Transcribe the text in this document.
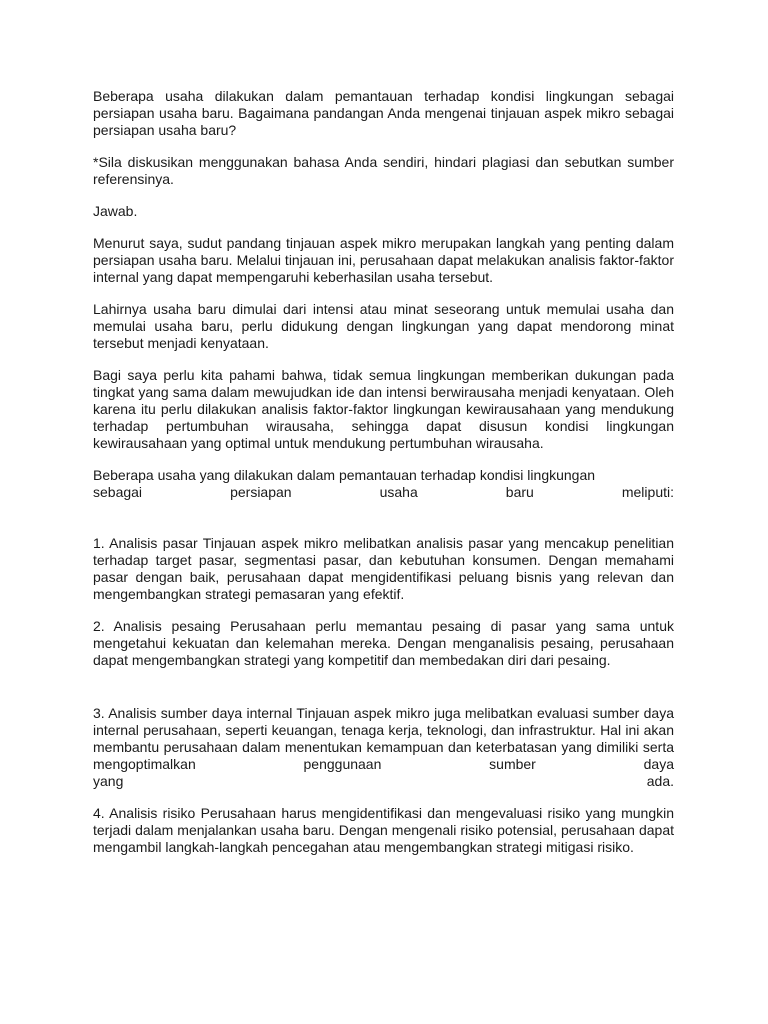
Beberapa usaha dilakukan dalam pemantauan terhadap kondisi lingkungan sebagai persiapan usaha baru. Bagaimana pandangan Anda mengenai tinjauan aspek mikro sebagai persiapan usaha baru?

*Sila diskusikan menggunakan bahasa Anda sendiri, hindari plagiasi dan sebutkan sumber referensinya.

Jawab.

Menurut saya, sudut pandang tinjauan aspek mikro merupakan langkah yang penting dalam persiapan usaha baru. Melalui tinjauan ini, perusahaan dapat melakukan analisis faktor-faktor internal yang dapat mempengaruhi keberhasilan usaha tersebut.

Lahirnya usaha baru dimulai dari intensi atau minat seseorang untuk memulai usaha dan memulai usaha baru, perlu didukung dengan lingkungan yang dapat mendorong minat tersebut menjadi kenyataan.

Bagi saya perlu kita pahami bahwa, tidak semua lingkungan memberikan dukungan pada tingkat yang sama dalam mewujudkan ide dan intensi berwirausaha menjadi kenyataan. Oleh karena itu perlu dilakukan analisis faktor-faktor lingkungan kewirausahaan yang mendukung terhadap pertumbuhan wirausaha, sehingga dapat disusun kondisi lingkungan kewirausahaan yang optimal untuk mendukung pertumbuhan wirausaha.

Beberapa usaha yang dilakukan dalam pemantauan terhadap kondisi lingkungan
sebagai	persiapan	usaha	baru	meliputi:

1. Analisis pasar Tinjauan aspek mikro melibatkan analisis pasar yang mencakup penelitian terhadap target pasar, segmentasi pasar, dan kebutuhan konsumen. Dengan memahami pasar dengan baik, perusahaan dapat mengidentifikasi peluang bisnis yang relevan dan mengembangkan strategi pemasaran yang efektif.

2. Analisis pesaing Perusahaan perlu memantau pesaing di pasar yang sama untuk mengetahui kekuatan dan kelemahan mereka. Dengan menganalisis pesaing, perusahaan dapat mengembangkan strategi yang kompetitif dan membedakan diri dari pesaing.

3. Analisis sumber daya internal Tinjauan aspek mikro juga melibatkan evaluasi sumber daya internal perusahaan, seperti keuangan, tenaga kerja, teknologi, dan infrastruktur. Hal ini akan membantu perusahaan dalam menentukan kemampuan dan keterbatasan yang dimiliki serta mengoptimalkan penggunaan sumber daya
yang	ada.

4. Analisis risiko Perusahaan harus mengidentifikasi dan mengevaluasi risiko yang mungkin terjadi dalam menjalankan usaha baru. Dengan mengenali risiko potensial, perusahaan dapat mengambil langkah-langkah pencegahan atau mengembangkan strategi mitigasi risiko.
